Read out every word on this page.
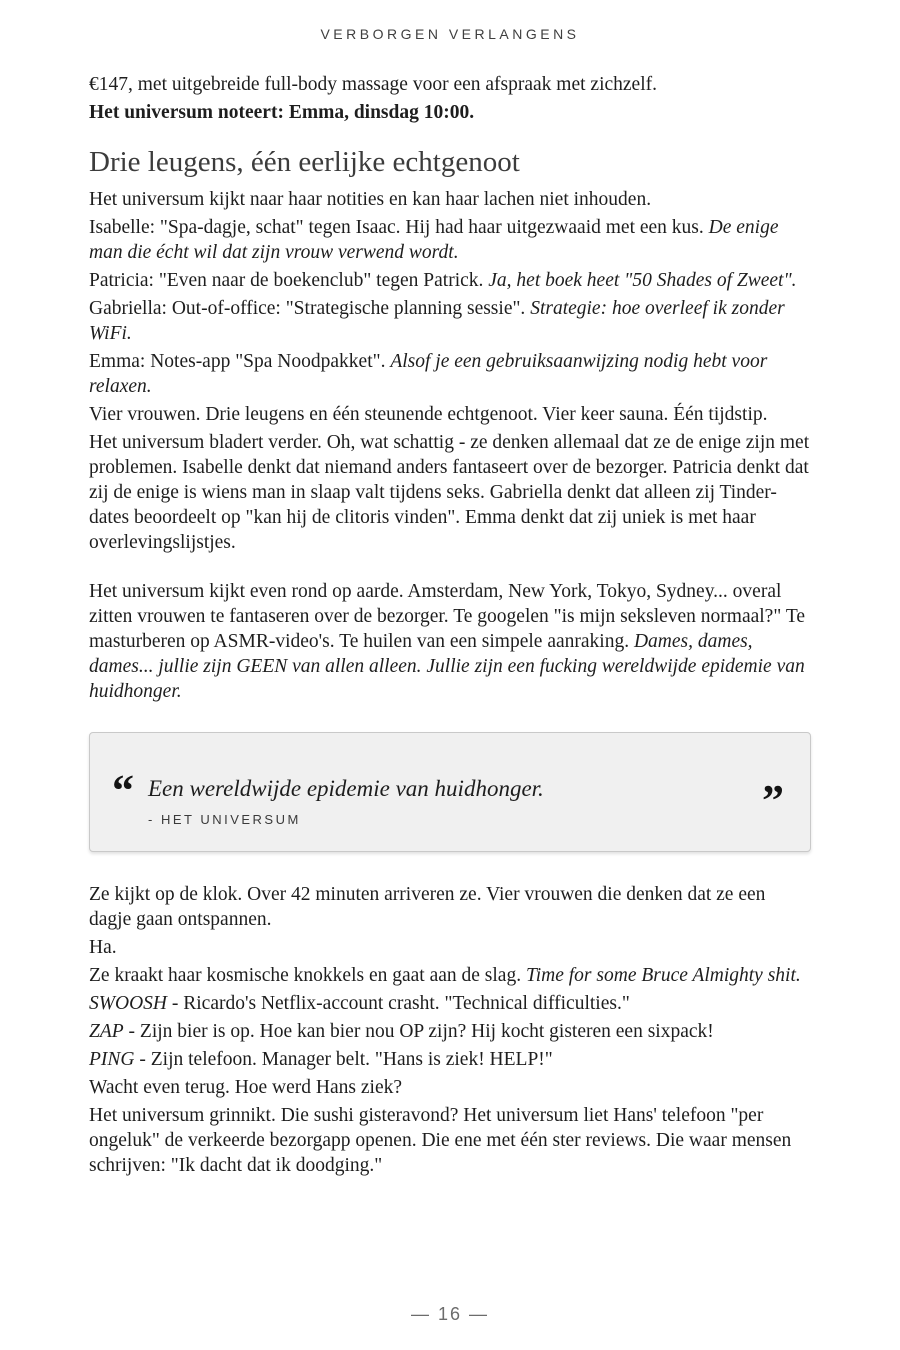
VERBORGEN VERLANGENS

€147, met uitgebreide full-body massage voor een afspraak met zichzelf.

Het universum noteert: Emma, dinsdag 10:00.

Drie leugens, één eerlijke echtgenoot

Het universum kijkt naar haar notities en kan haar lachen niet inhouden.

Isabelle: "Spa-dagje, schat" tegen Isaac. Hij had haar uitgezwaaid met een kus. De enige man die écht wil dat zijn vrouw verwend wordt.

Patricia: "Even naar de boekenclub" tegen Patrick. Ja, het boek heet "50 Shades of Zweet".

Gabriella: Out-of-office: "Strategische planning sessie". Strategie: hoe overleef ik zonder WiFi.

Emma: Notes-app "Spa Noodpakket". Alsof je een gebruiksaanwijzing nodig hebt voor relaxen.

Vier vrouwen. Drie leugens en één steunende echtgenoot. Vier keer sauna. Één tijdstip.

Het universum bladert verder. Oh, wat schattig - ze denken allemaal dat ze de enige zijn met problemen. Isabelle denkt dat niemand anders fantaseert over de bezorger. Patricia denkt dat zij de enige is wiens man in slaap valt tijdens seks. Gabriella denkt dat alleen zij Tinder-dates beoordeelt op "kan hij de clitoris vinden". Emma denkt dat zij uniek is met haar overlevingslijstjes.

Het universum kijkt even rond op aarde. Amsterdam, New York, Tokyo, Sydney... overal zitten vrouwen te fantaseren over de bezorger. Te googelen "is mijn seksleven normaal?" Te masturberen op ASMR-video's. Te huilen van een simpele aanraking. Dames, dames, dames... jullie zijn GEEN van allen alleen. Jullie zijn een fucking wereldwijde epidemie van huidhonger.

“ Een wereldwijde epidemie van huidhonger.
- HET UNIVERSUM	”

Ze kijkt op de klok. Over 42 minuten arriveren ze. Vier vrouwen die denken dat ze een dagje gaan ontspannen.

Ha.

Ze kraakt haar kosmische knokkels en gaat aan de slag. Time for some Bruce Almighty shit.

SWOOSH - Ricardo's Netflix-account crasht. "Technical difficulties."

ZAP - Zijn bier is op. Hoe kan bier nou OP zijn? Hij kocht gisteren een sixpack!

PING - Zijn telefoon. Manager belt. "Hans is ziek! HELP!"

Wacht even terug. Hoe werd Hans ziek?

Het universum grinnikt. Die sushi gisteravond? Het universum liet Hans' telefoon "per ongeluk" de verkeerde bezorgapp openen. Die ene met één ster reviews. Die waar mensen schrijven: "Ik dacht dat ik doodging."

— 16 —
